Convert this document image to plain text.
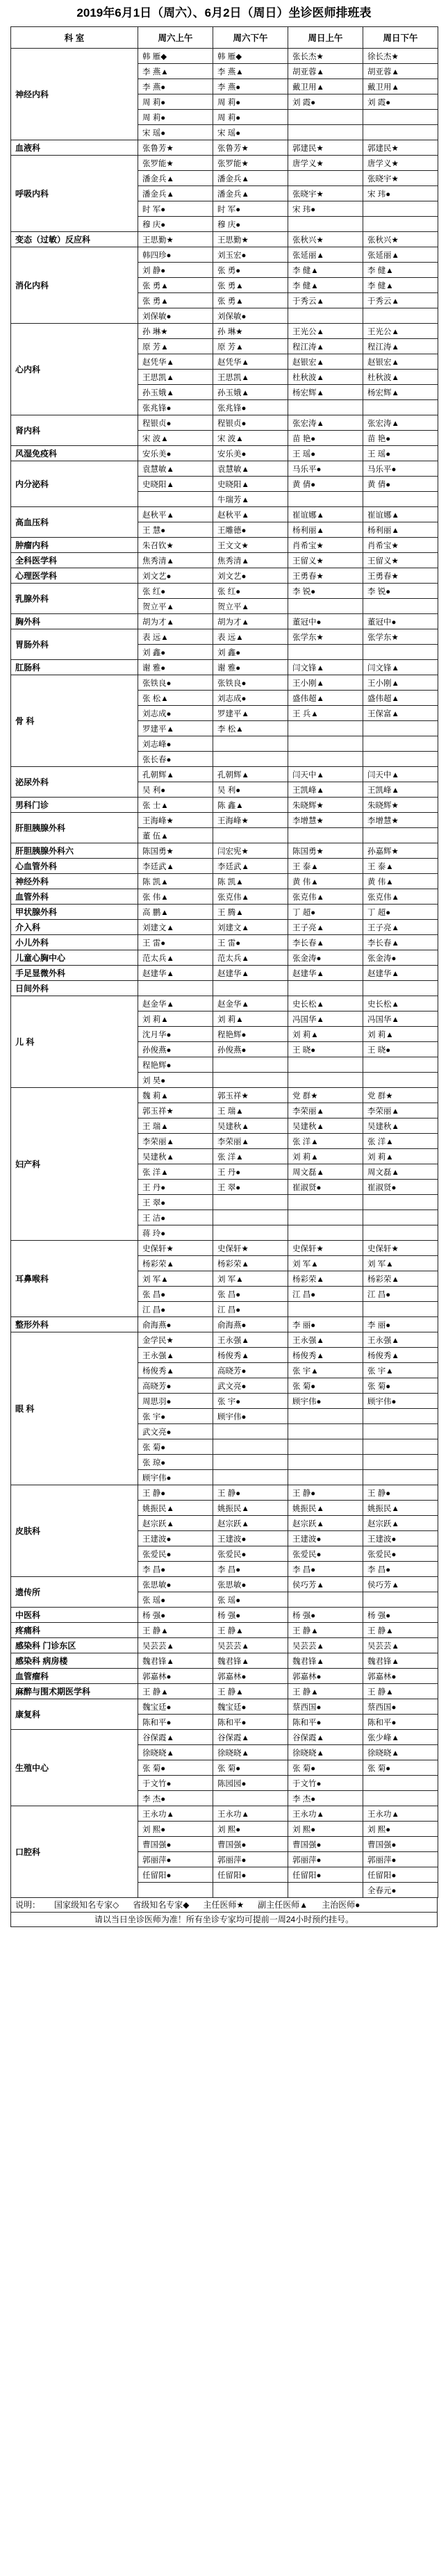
2019年6月1日（周六）、6月2日（周日）坐诊医师排班表
科 室	周六上午	周六下午	周日上午	周日下午
神经内科	韩 雁◆	韩 雁◆	张长杰★	徐长杰★
	李 燕▲	李 燕▲	胡亚蓉▲	胡亚蓉▲
	李 燕●	李 燕●	戴卫用▲	戴卫用▲
	周 莉●	周 莉●	刘 霞●	刘 霞●
	周 莉●	周 莉●		
	宋 瑶●	宋 瑶●		
血液科	张鲁芳★	张鲁芳★	郭建民★	郭建民★
呼吸内科	张罗能★	张罗能★	唐学义★	唐学义★
	潘金兵▲	潘金兵▲		张晓宇★
	潘金兵▲	潘金兵▲	张晓宇★	宋 玮●
	时 军●	时 军●	宋 玮●	
	穆 庆●	穆 庆●		
变态（过敏）反应科	王思勤★	王思勤★	张秋兴★	张秋兴★
消化内科	韩四珍●	刘玉宏●	张延丽▲	张延丽▲
	刘 静●	张 勇●	李 健▲	李 健▲
	张 勇▲	张 勇▲	李 健▲	李 健▲
	张 勇▲	张 勇▲	于秀云▲	于秀云▲
	刘保敏●	刘保敏●		
心内科	孙 琳★	孙 琳★	王光公▲	王光公▲
	原 芳▲	原 芳▲	程江涛▲	程江涛▲
	赵凭华▲	赵凭华▲	赵银宏▲	赵银宏▲
	王思凯▲	王思凯▲	杜秋波▲	杜秋波▲
	孙玉娥▲	孙玉娥▲	杨宏辉▲	杨宏辉▲
	张兆锋●	张兆锋●		
肾内科	程银贞●	程银贞●	张宏涛▲	张宏涛▲
	宋 波▲	宋 波▲	苗 艳●	苗 艳●
风湿免疫科	安乐美●	安乐美●	王 瑶●	王 瑶●
内分泌科	袁慧敏▲	袁慧敏▲	马乐平●	马乐平●
	史晓阳▲	史晓阳▲	黄 倩●	黄 倩●
		牛瑞芳▲		
高血压科	赵秋平▲	赵秋平▲	崔谊娜▲	崔谊娜▲
	王 慧●	王雕德●	杨利丽▲	杨利丽▲
肿瘤内科	朱召钦★	王文文★	肖希宝★	肖希宝★
全科医学科	焦秀清▲	焦秀清▲	王留义★	王留义★
心理医学科	刘文艺●	刘文艺●	王勇春★	王勇春★
乳腺外科	张 红●	张 红●	李 锐●	李 锐●
	贺立平▲	贺立平▲		
胸外科	胡为才▲	胡为才▲	董冠中●	董冠中●
胃肠外科	表 远▲	表 远▲	张学东★	张学东★
	刘 鑫●	刘 鑫●		
肛肠科	谢 雅●	谢 雅●	闫文锋▲	闫文锋▲
骨 科	张铁良●	张铁良●	王小刚▲	王小刚▲
	张 松▲	刘志成●	盛伟超▲	盛伟超▲
	刘志成●	罗建平▲	王 兵▲	王保富▲
	罗建平▲	李 松▲		
	刘志峰●			
	张长春●			
泌尿外科	孔朝辉▲	孔朝辉▲	闫天中▲	闫天中▲
	吴 利●	吴 利●	王凯峰▲	王凯峰▲
男科门诊	张 士▲	陈 鑫▲	朱晓辉★	朱晓辉★
肝胆胰腺外科	王海峰★	王海峰★	李增慧★	李增慧★
	董 伍▲			
肝胆胰腺外科六	陈国勇★	闫宏宪★	陈国勇★	孙嘉辉★
心血管外科	李廷武▲	李廷武▲	王 泰▲	王 泰▲
神经外科	陈 凯▲	陈 凯▲	黄 伟▲	黄 伟▲
血管外科	张 伟▲	张克伟▲	张克伟▲	张克伟▲
甲状腺外科	高 鹏▲	王 腾▲	丁 超●	丁 超●
介入科	刘建文▲	刘建文▲	王子亮▲	王子亮▲
小儿外科	王 雷●	王 雷●	李长春▲	李长春▲
儿童心胸中心	范太兵▲	范太兵▲	张金涛●	张金涛●
手足显微外科	赵建华▲	赵建华▲	赵建华▲	赵建华▲
日间外科				
儿 科	赵金华▲	赵金华▲	史长松▲	史长松▲
	刘 莉▲	刘 莉▲	冯国华▲	冯国华▲
	沈月华●	程艳辉●	刘 莉▲	刘 莉▲
	孙俊燕●	孙俊燕●	王 晓●	王 晓●
	程艳辉●			
	刘 昊●			
妇产科	魏 莉▲	郭玉祥★	党 群★	党 群★
	郭玉祥★	王 瑞▲	李荣丽▲	李荣丽▲
	王 瑞▲	吴建秋▲	吴建秋▲	吴建秋▲
	李荣丽▲	李荣丽▲	张 洋▲	张 洋▲
	吴建秋▲	张 洋▲	刘 莉▲	刘 莉▲
	张 洋▲	王 丹●	周文磊▲	周文磊▲
	王 丹●	王 翠●	崔淑贤●	崔淑贤●
	王 翠●			
	王 洁●			
	蒋 玲●			
耳鼻喉科	史保轩★	史保轩★	史保轩★	史保轩★
	杨彩荣▲	杨彩荣▲	刘 军▲	刘 军▲
	刘 军▲	刘 军▲	杨彩荣▲	杨彩荣▲
	张 昌●	张 昌●	江 昌●	江 昌●
	江 昌●	江 昌●		
整形外科	俞海燕●	俞海燕●	李 丽●	李 丽●
眼 科	金学民★	王永强▲	王永强▲	王永强▲
	王永强▲	杨俊秀▲	杨俊秀▲	杨俊秀▲
	杨俊秀▲	高晓芳●	张 宇▲	张 宇▲
	高晓芳●	武文亮●	张 菊●	张 菊●
	周思羽●	张 宇●	顾宇伟●	顾宇伟●
	张 宇●	顾宇伟●		
	武文亮●			
	张 菊●			
	张 琼●			
	顾宇伟●			
皮肤科	王 静●	王 静●	王 静●	王 静●
	姚振民▲	姚振民▲	姚振民▲	姚振民▲
	赵宗跃▲	赵宗跃▲	赵宗跃▲	赵宗跃▲
	王建波●	王建波●	王建波●	王建波●
	张爱民●	张爱民●	张爱民●	张爱民●
	李 昌●	李 昌●	李 昌●	李 昌●
遗传所	张思敏●	张思敏●	侯巧芳▲	侯巧芳▲
	张 瑶●	张 瑶●		
中医科	杨 强●	杨 强●	杨 强●	杨 强●
疼痛科	王 静▲	王 静▲	王 静▲	王 静▲
感染科 门诊东区	吴芸芸▲	吴芸芸▲	吴芸芸▲	吴芸芸▲
感染科 病房楼	魏君锋▲	魏君锋▲	魏君锋▲	魏君锋▲
血管瘤科	郭嘉林●	郭嘉林●	郭嘉林●	郭嘉林●
麻醉与围术期医学科	王 静▲	王 静▲	王 静▲	王 静▲
康复科	魏宝廷●	魏宝廷●	蔡西国●	蔡西国●
	陈和平●	陈和平●	陈和平●	陈和平●
生殖中心	谷保霞▲	谷保霞▲	谷保霞▲	张少峰▲
	徐晓晓▲	徐晓晓▲	徐晓晓▲	徐晓晓▲
	张 菊●	张 菊●	张 菊●	张 菊●
	于文竹●	陈园园●	于文竹●	
	李 杰●		李 杰●	
口腔科	王永功▲	王永功▲	王永功▲	王永功▲
	刘 熙●	刘 熙●	刘 熙●	刘 熙●
	曹国强●	曹国强●	曹国强●	曹国强●
	郭丽萍●	郭丽萍●	郭丽萍●	郭丽萍●
	任留阳●	任留阳●	任留阳●	任留阳●
				全春元●
说明： 国家级知名专家◇ 省级知名专家◆ 主任医师★ 副主任医师▲ 主治医师●
请以当日坐诊医师为准！所有坐诊专家均可提前一周24小时预约挂号。
